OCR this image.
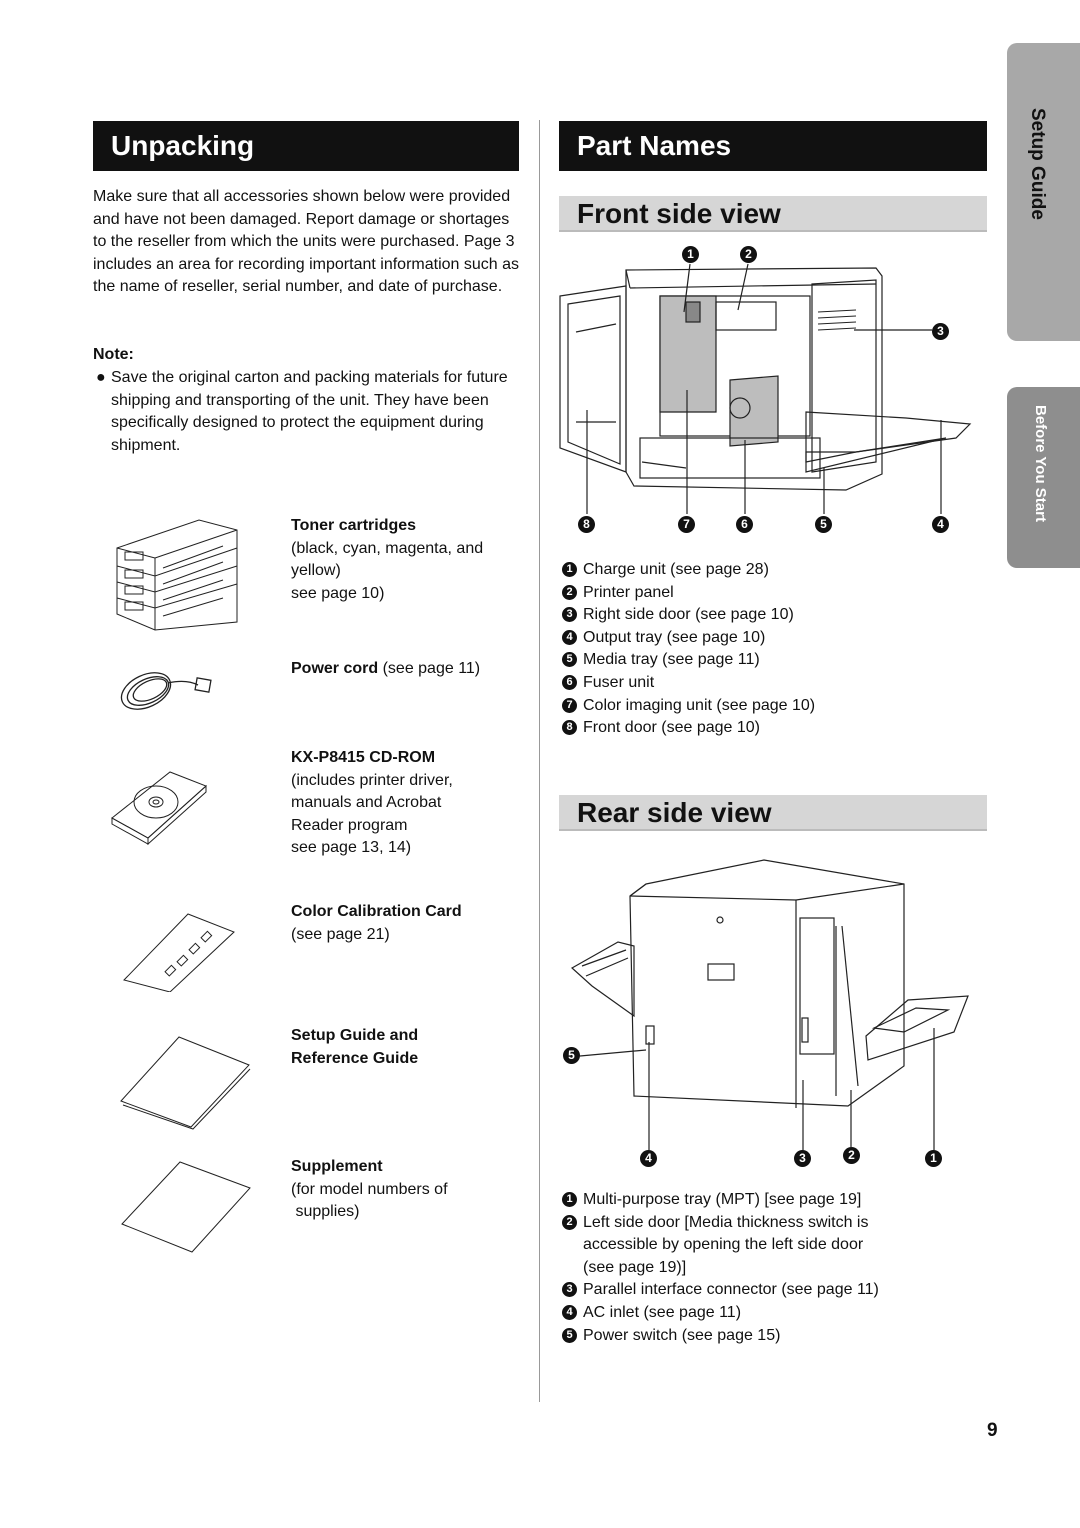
Unpacking
Make sure that all accessories shown below were provided and have not been damaged. Report damage or shortages to the reseller from which the units were purchased. Page 3 includes an area for recording important information such as the name of reseller, serial number, and date of purchase.
Note:
● Save the original carton and packing materials for future shipping and transporting of the unit. They have been specifically designed to protect the equipment during shipment.
Toner cartridges
(black, cyan, magenta, and
yellow)
see page 10)
Power cord (see page 11)
KX-P8415 CD-ROM
(includes printer driver,
manuals and Acrobat
Reader program
see page 13, 14)
Color Calibration Card
(see page 21)
Setup Guide and
Reference Guide
Supplement
(for model numbers of
supplies)
Part Names
Front side view
1	2
3
8	7	6	5	4
1 Charge unit (see page 28)
2 Printer panel
3 Right side door (see page 10)
4 Output tray (see page 10)
5 Media tray (see page 11)
6 Fuser unit
7 Color imaging unit (see page 10)
8 Front door (see page 10)
Rear side view
5
4	3	2	1
1 Multi-purpose tray (MPT) [see page 19]
2 Left side door [Media thickness switch is
accessible by opening the left side door
(see page 19)]
3 Parallel interface connector (see page 11)
4 AC inlet (see page 11)
5 Power switch (see page 15)
Setup Guide
Before You Start
9
